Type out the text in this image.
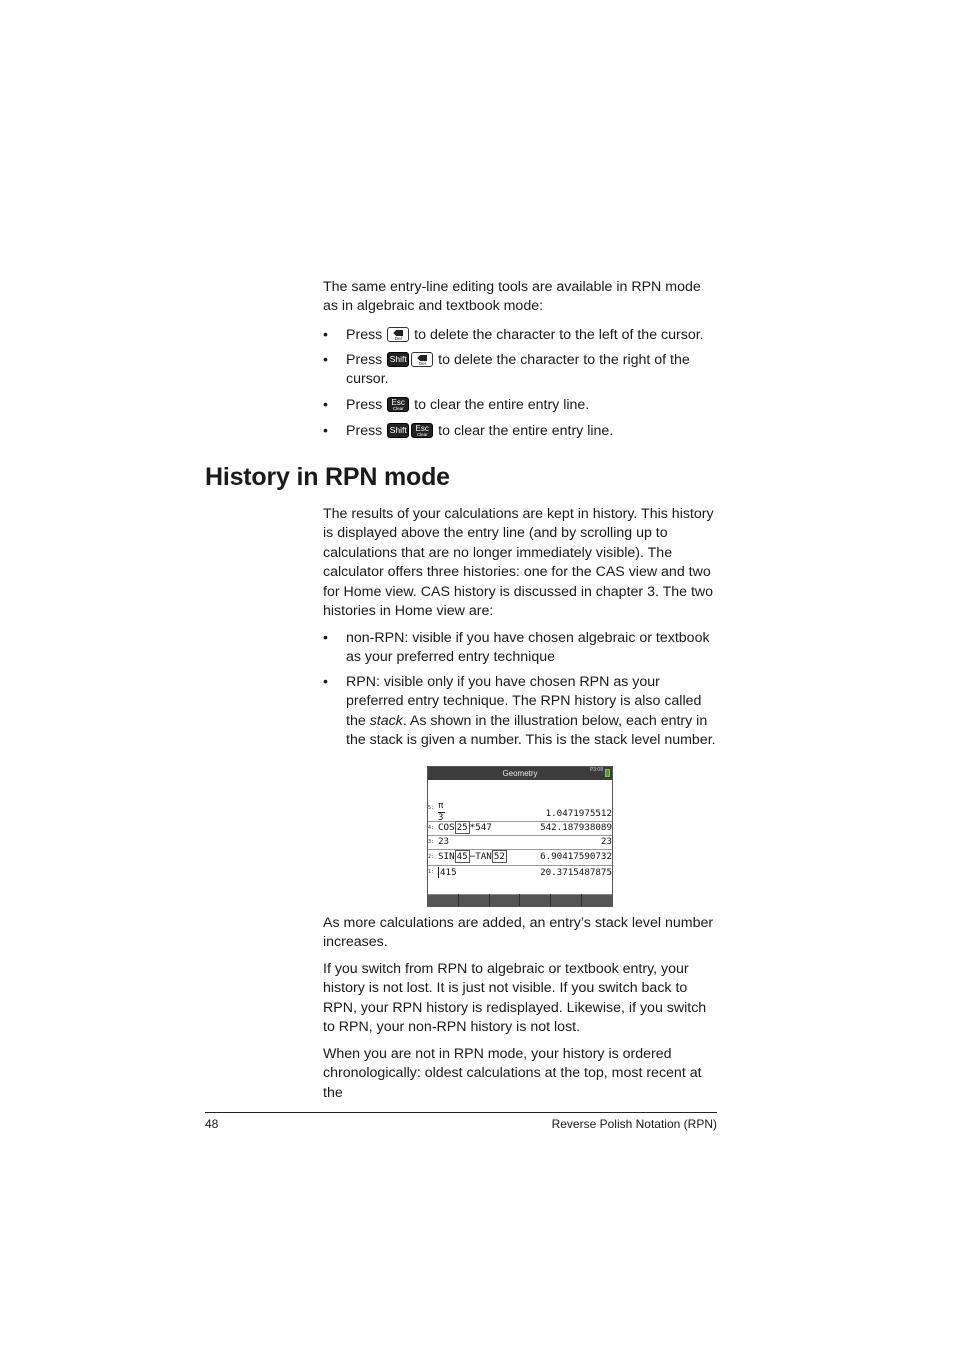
The same entry-line editing tools are available in RPN mode as in algebraic and textbook mode:

• Press	Del to delete the character to the left of the cursor.
• Press Shift	Del to delete the character to the right of the cursor.
• Press	Esc
Clear to clear the entire entry line.
• Press Shift	Esc
Clear to clear the entire entry line.
History in RPN mode

The results of your calculations are kept in history. This history is displayed above the entry line (and by scrolling up to calculations that are no longer immediately visible). The calculator offers three histories: one for the CAS view and two for Home view. CAS history is discussed in chapter 3. The two histories in Home view are:

• non-RPN: visible if you have chosen algebraic or textbook as your preferred entry technique
• RPN: visible only if you have chosen RPN as your preferred entry technique. The RPN history is also called the stack. As shown in the illustration below, each entry in the stack is given a number. This is the stack level number.
Geometry	P3:08
5: π
3	1.0471975512
4: COS 25 *547	542.187938089
3: 23	23
2: SIN 45 −TAN 52	6.90417590732
1: 415	20.3715487875

As more calculations are added, an entry’s stack level number increases.

If you switch from RPN to algebraic or textbook entry, your history is not lost. It is just not visible. If you switch back to RPN, your RPN history is redisplayed. Likewise, if you switch to RPN, your non-RPN history is not lost.

When you are not in RPN mode, your history is ordered chronologically: oldest calculations at the top, most recent at the

48	Reverse Polish Notation (RPN)
